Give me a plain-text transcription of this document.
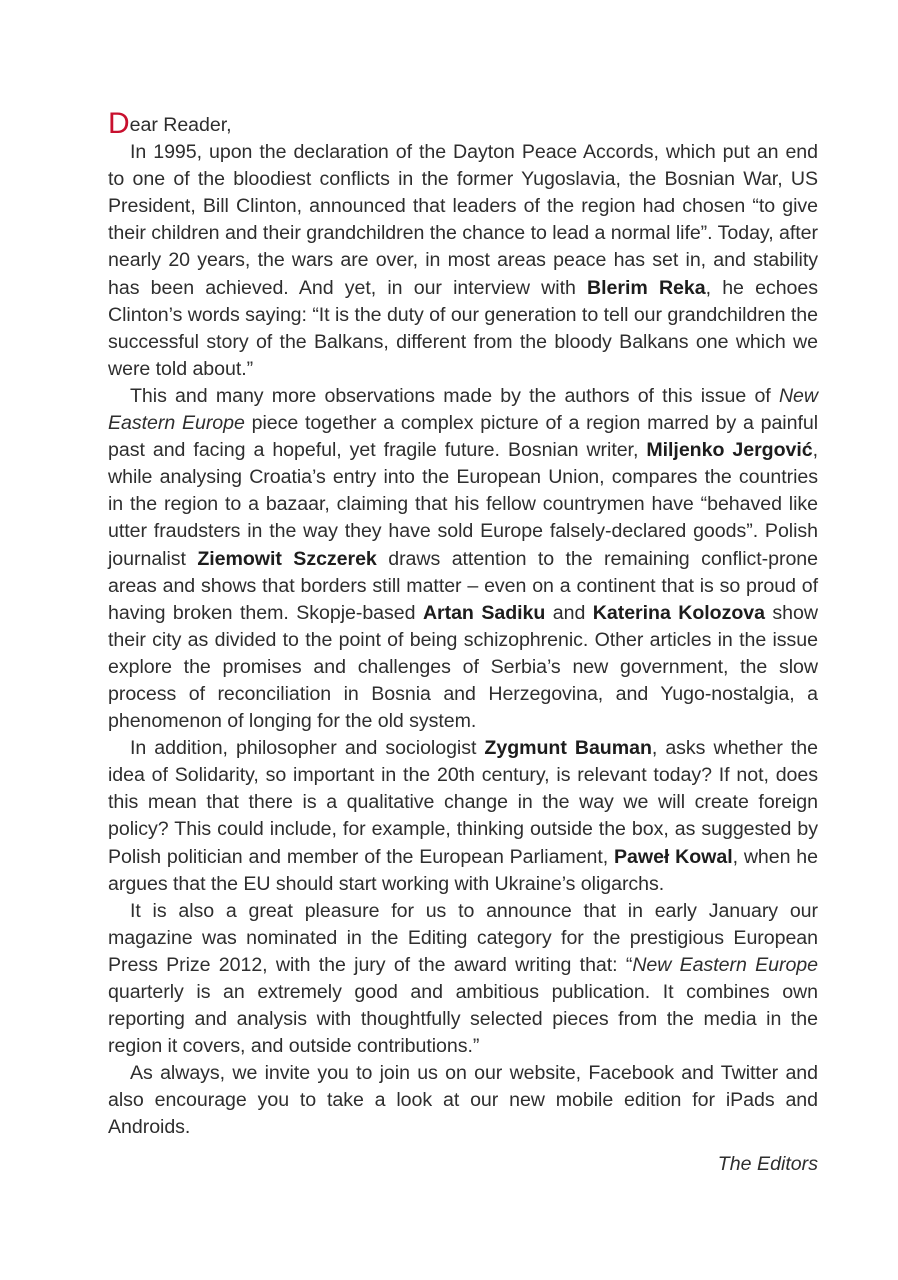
Dear Reader,

In 1995, upon the declaration of the Dayton Peace Accords, which put an end to one of the bloodiest conflicts in the former Yugoslavia, the Bosnian War, US President, Bill Clinton, announced that leaders of the region had chosen “to give their children and their grandchildren the chance to lead a normal life”. Today, after nearly 20 years, the wars are over, in most areas peace has set in, and stability has been achieved. And yet, in our interview with Blerim Reka, he echoes Clinton’s words saying: “It is the duty of our generation to tell our grandchildren the successful story of the Balkans, different from the bloody Balkans one which we were told about.”

This and many more observations made by the authors of this issue of New Eastern Europe piece together a complex picture of a region marred by a painful past and facing a hopeful, yet fragile future. Bosnian writer, Miljenko Jergović, while analysing Croatia’s entry into the European Union, compares the countries in the region to a bazaar, claiming that his fellow countrymen have “behaved like utter fraudsters in the way they have sold Europe falsely-declared goods”. Polish journalist Ziemowit Szczerek draws attention to the remaining conflict-prone areas and shows that borders still matter – even on a continent that is so proud of having broken them. Skopje-based Artan Sadiku and Katerina Kolozova show their city as divided to the point of being schizophrenic. Other articles in the issue explore the promises and challenges of Serbia’s new government, the slow process of reconciliation in Bosnia and Herzegovina, and Yugo-nostalgia, a phenomenon of longing for the old system.

In addition, philosopher and sociologist Zygmunt Bauman, asks whether the idea of Solidarity, so important in the 20th century, is relevant today? If not, does this mean that there is a qualitative change in the way we will create foreign policy? This could include, for example, thinking outside the box, as suggested by Polish politician and member of the European Parliament, Paweł Kowal, when he argues that the EU should start working with Ukraine’s oligarchs.

It is also a great pleasure for us to announce that in early January our magazine was nominated in the Editing category for the prestigious European Press Prize 2012, with the jury of the award writing that: “New Eastern Europe quarterly is an extremely good and ambitious publication. It combines own reporting and analysis with thoughtfully selected pieces from the media in the region it covers, and outside contributions.”

As always, we invite you to join us on our website, Facebook and Twitter and also encourage you to take a look at our new mobile edition for iPads and Androids.

The Editors
